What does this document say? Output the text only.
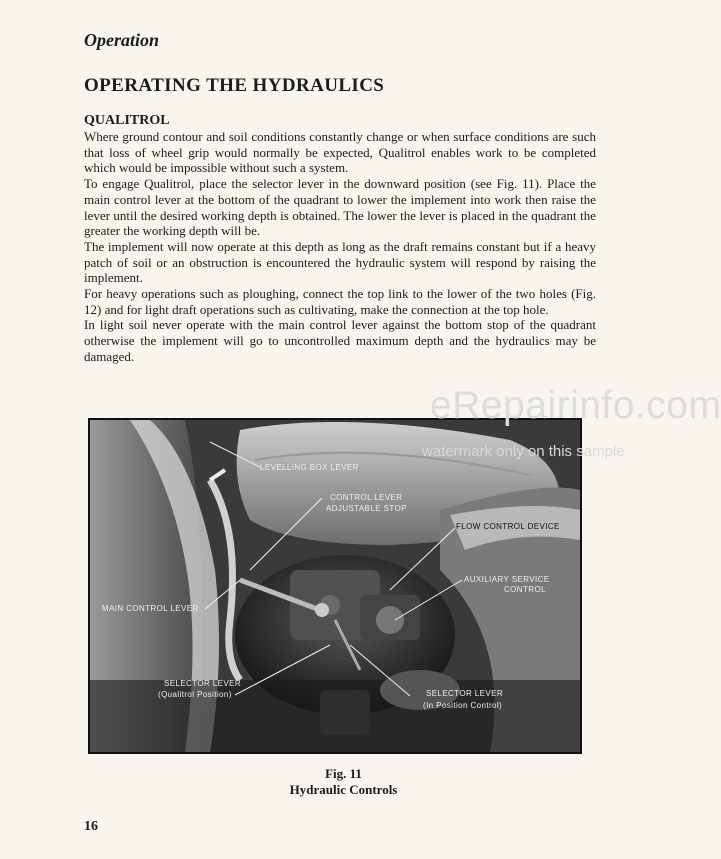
Operation
OPERATING THE HYDRAULICS
QUALITROL

Where ground contour and soil conditions constantly change or when surface conditions are such that loss of wheel grip would normally be expected, Qualitrol enables work to be completed which would be impossible without such a system.

To engage Qualitrol, place the selector lever in the downward position (see Fig. 11). Place the main control lever at the bottom of the quadrant to lower the implement into work then raise the lever until the desired working depth is obtained. The lower the lever is placed in the quadrant the greater the working depth will be.

The implement will now operate at this depth as long as the draft remains constant but if a heavy patch of soil or an obstruction is encountered the hydraulic system will respond by raising the implement.

For heavy operations such as ploughing, connect the top link to the lower of the two holes (Fig. 12) and for light draft operations such as cultivating, make the connection at the top hole.

In light soil never operate with the main control lever against the bottom stop of the quadrant otherwise the implement will go to uncontrolled maximum depth and the hydraulics may be damaged.

LEVELLING BOX LEVER
CONTROL LEVER
ADJUSTABLE STOP
FLOW CONTROL DEVICE
AUXILIARY SERVICE
CONTROL
MAIN CONTROL LEVER
SELECTOR LEVER
(Qualitrol Position)	SELECTOR LEVER
(In Position Control)
eRepairinfo.com
watermark only on this sample
Fig. 11
Hydraulic Controls
16
